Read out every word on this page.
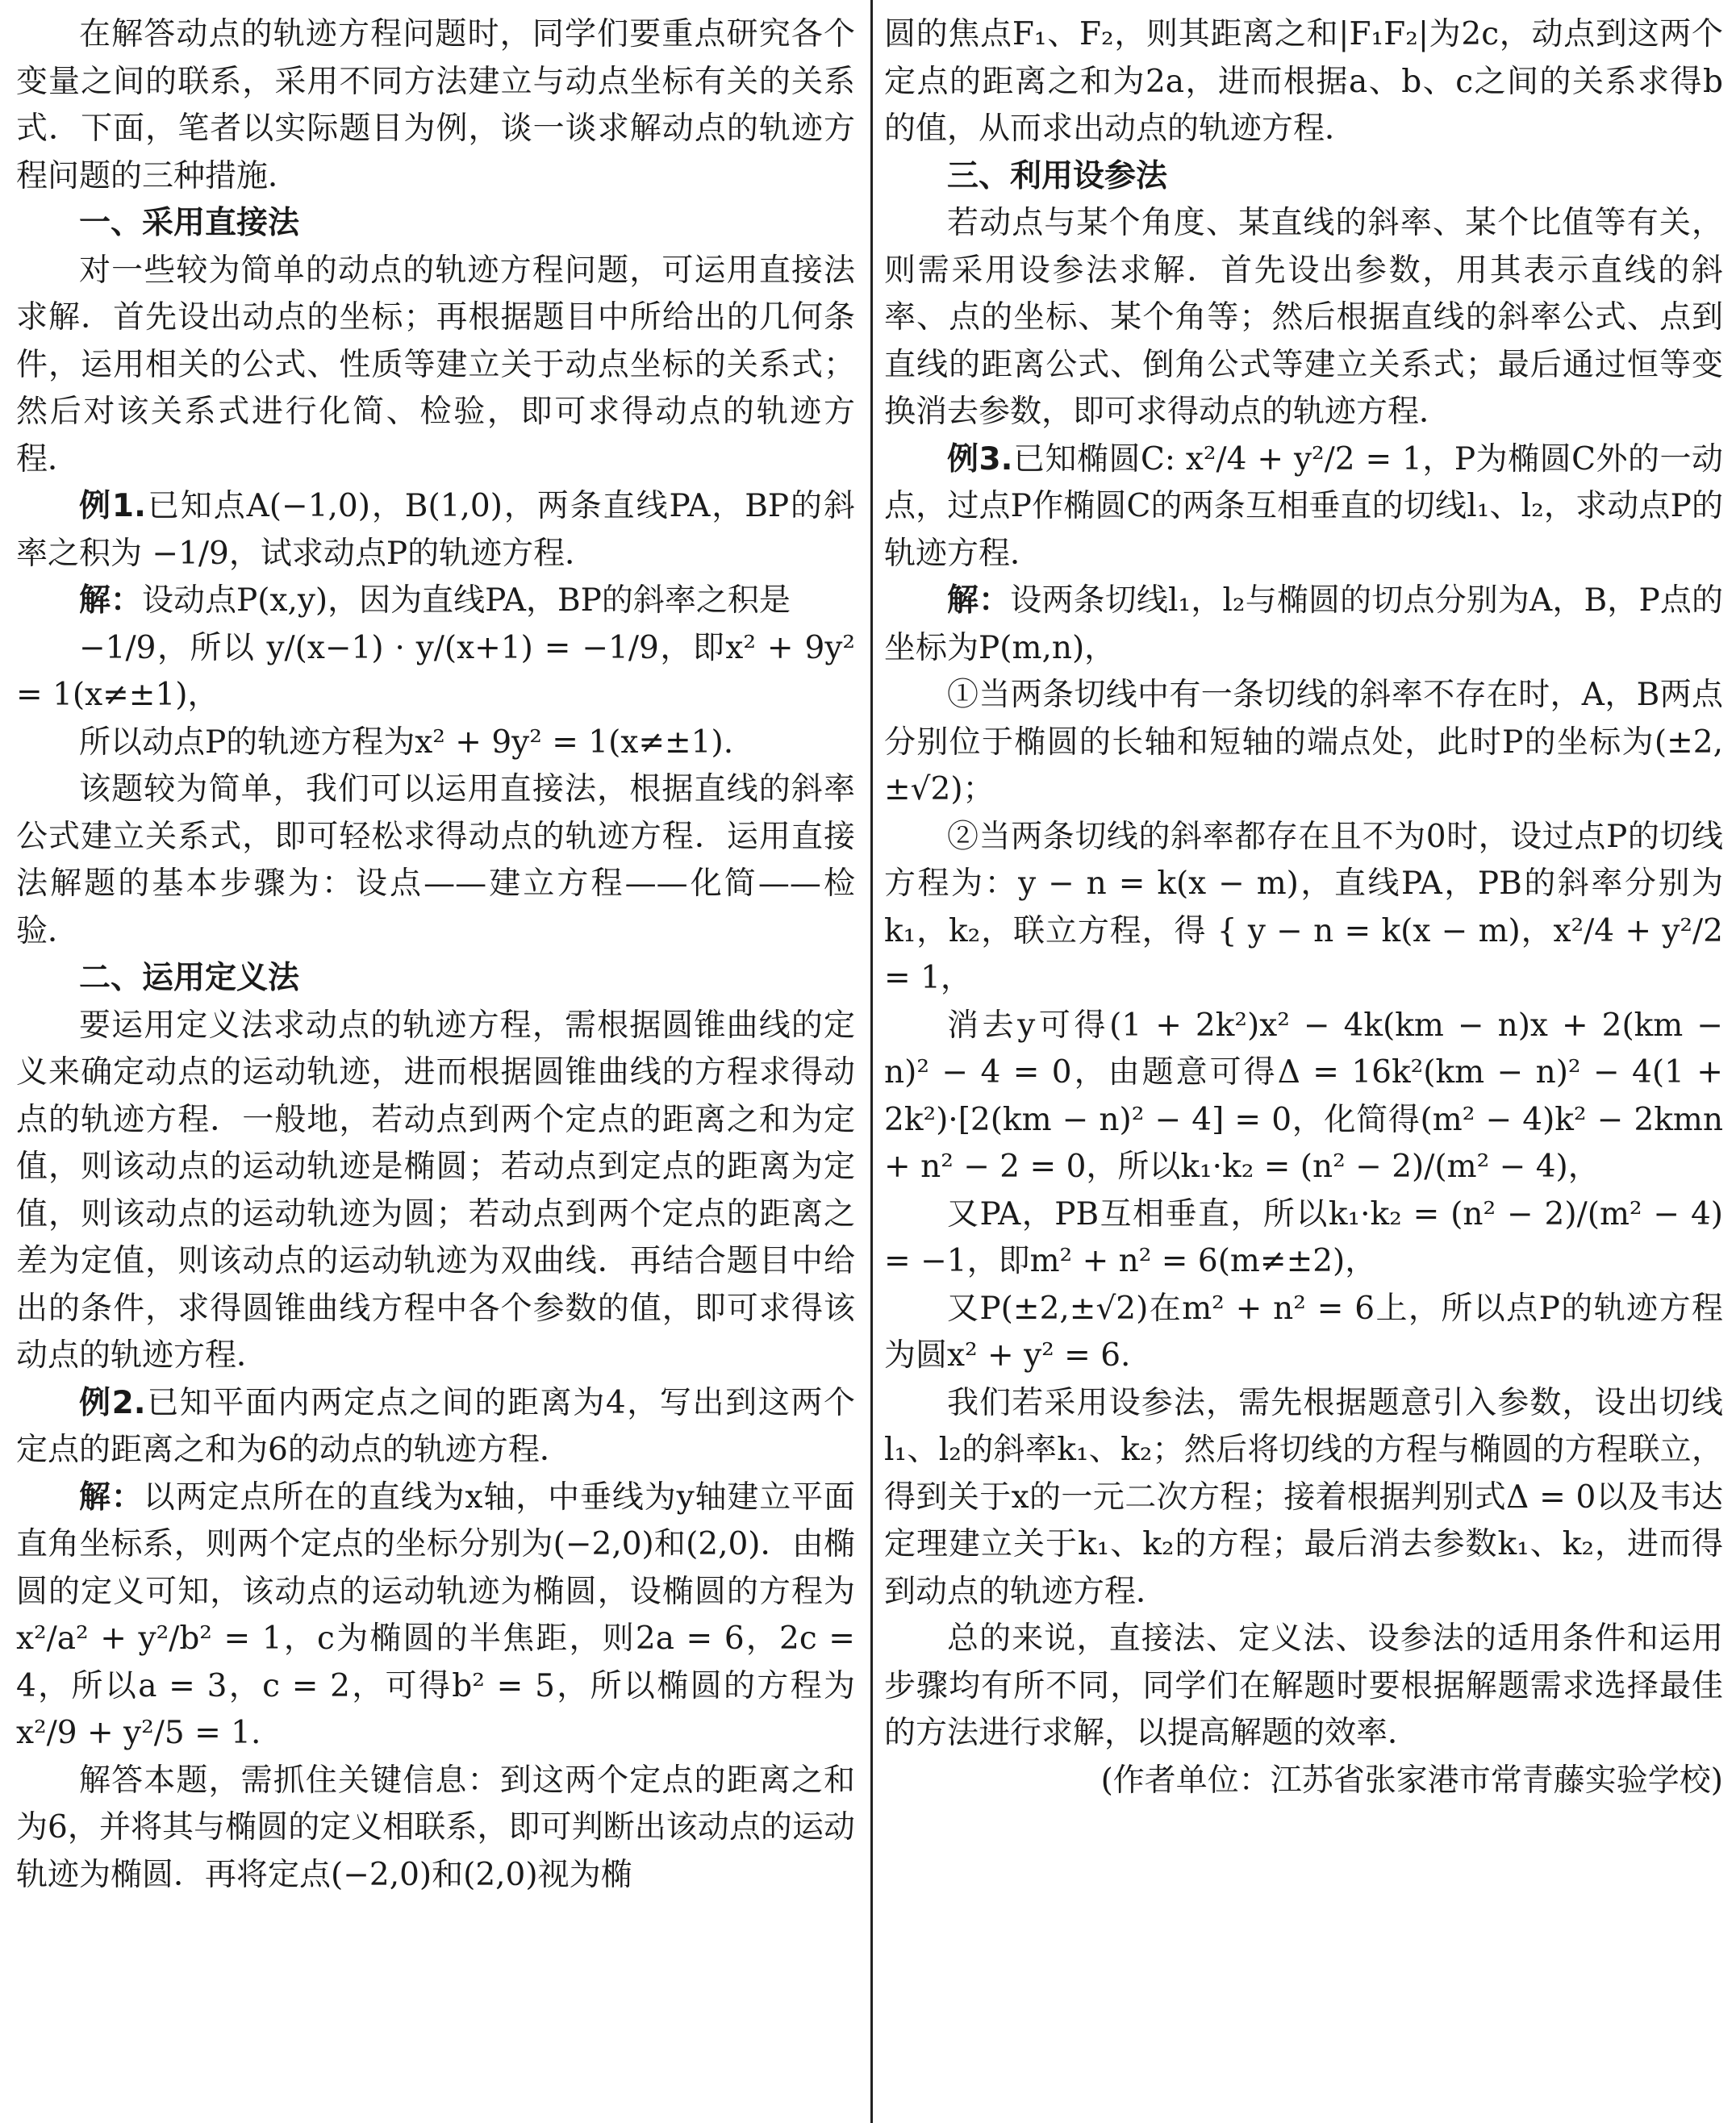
在解答动点的轨迹方程问题时，同学们要重点研究各个变量之间的联系，采用不同方法建立与动点坐标有关的关系式．下面，笔者以实际题目为例，谈一谈求解动点的轨迹方程问题的三种措施．

一、采用直接法

对一些较为简单的动点的轨迹方程问题，可运用直接法求解．首先设出动点的坐标；再根据题目中所给出的几何条件，运用相关的公式、性质等建立关于动点坐标的关系式；然后对该关系式进行化简、检验，即可求得动点的轨迹方程．

例1.已知点A(−1,0)，B(1,0)，两条直线PA，BP的斜率之积为 −1/9，试求动点P的轨迹方程．

解：设动点P(x,y)，因为直线PA，BP的斜率之积是

−1/9，所以 y/(x−1) · y/(x+1) = −1/9，即x² + 9y² = 1(x≠±1)，

所以动点P的轨迹方程为x² + 9y² = 1(x≠±1).

该题较为简单，我们可以运用直接法，根据直线的斜率公式建立关系式，即可轻松求得动点的轨迹方程．运用直接法解题的基本步骤为：设点——建立方程——化简——检验．

二、运用定义法

要运用定义法求动点的轨迹方程，需根据圆锥曲线的定义来确定动点的运动轨迹，进而根据圆锥曲线的方程求得动点的轨迹方程．一般地，若动点到两个定点的距离之和为定值，则该动点的运动轨迹是椭圆；若动点到定点的距离为定值，则该动点的运动轨迹为圆；若动点到两个定点的距离之差为定值，则该动点的运动轨迹为双曲线．再结合题目中给出的条件，求得圆锥曲线方程中各个参数的值，即可求得该动点的轨迹方程．

例2.已知平面内两定点之间的距离为4，写出到这两个定点的距离之和为6的动点的轨迹方程．

解：以两定点所在的直线为x轴，中垂线为y轴建立平面直角坐标系，则两个定点的坐标分别为(−2,0)和(2,0)．由椭圆的定义可知，该动点的运动轨迹为椭圆，设椭圆的方程为 x²/a² + y²/b² = 1，c为椭圆的半焦距，则2a = 6，2c = 4，所以a = 3，c = 2，可得b² = 5，所以椭圆的方程为 x²/9 + y²/5 = 1.

解答本题，需抓住关键信息：到这两个定点的距离之和为6，并将其与椭圆的定义相联系，即可判断出该动点的运动轨迹为椭圆．再将定点(−2,0)和(2,0)视为椭

圆的焦点F₁、F₂，则其距离之和|F₁F₂|为2c，动点到这两个定点的距离之和为2a，进而根据a、b、c之间的关系求得b的值，从而求出动点的轨迹方程．

三、利用设参法

若动点与某个角度、某直线的斜率、某个比值等有关，则需采用设参法求解．首先设出参数，用其表示直线的斜率、点的坐标、某个角等；然后根据直线的斜率公式、点到直线的距离公式、倒角公式等建立关系式；最后通过恒等变换消去参数，即可求得动点的轨迹方程．

例3.已知椭圆C: x²/4 + y²/2 = 1，P为椭圆C外的一动点，过点P作椭圆C的两条互相垂直的切线l₁、l₂，求动点P的轨迹方程．

解：设两条切线l₁，l₂与椭圆的切点分别为A，B，P点的坐标为P(m,n)，

①当两条切线中有一条切线的斜率不存在时，A，B两点分别位于椭圆的长轴和短轴的端点处，此时P的坐标为(±2,±√2)；

②当两条切线的斜率都存在且不为0时，设过点P的切线方程为：y − n = k(x − m)，直线PA，PB的斜率分别为k₁，k₂，联立方程，得 { y − n = k(x − m)，x²/4 + y²/2 = 1，

消去y可得(1 + 2k²)x² − 4k(km − n)x + 2(km − n)² − 4 = 0，由题意可得Δ = 16k²(km − n)² − 4(1 + 2k²)·[2(km − n)² − 4] = 0，化简得(m² − 4)k² − 2kmn + n² − 2 = 0，所以k₁·k₂ = (n² − 2)/(m² − 4)，

又PA，PB互相垂直，所以k₁·k₂ = (n² − 2)/(m² − 4) = −1，即m² + n² = 6(m≠±2)，

又P(±2,±√2)在m² + n² = 6上，所以点P的轨迹方程为圆x² + y² = 6.

我们若采用设参法，需先根据题意引入参数，设出切线l₁、l₂的斜率k₁、k₂；然后将切线的方程与椭圆的方程联立，得到关于x的一元二次方程；接着根据判别式Δ = 0以及韦达定理建立关于k₁、k₂的方程；最后消去参数k₁、k₂，进而得到动点的轨迹方程．

总的来说，直接法、定义法、设参法的适用条件和运用步骤均有所不同，同学们在解题时要根据解题需求选择最佳的方法进行求解，以提高解题的效率．

(作者单位：江苏省张家港市常青藤实验学校)
